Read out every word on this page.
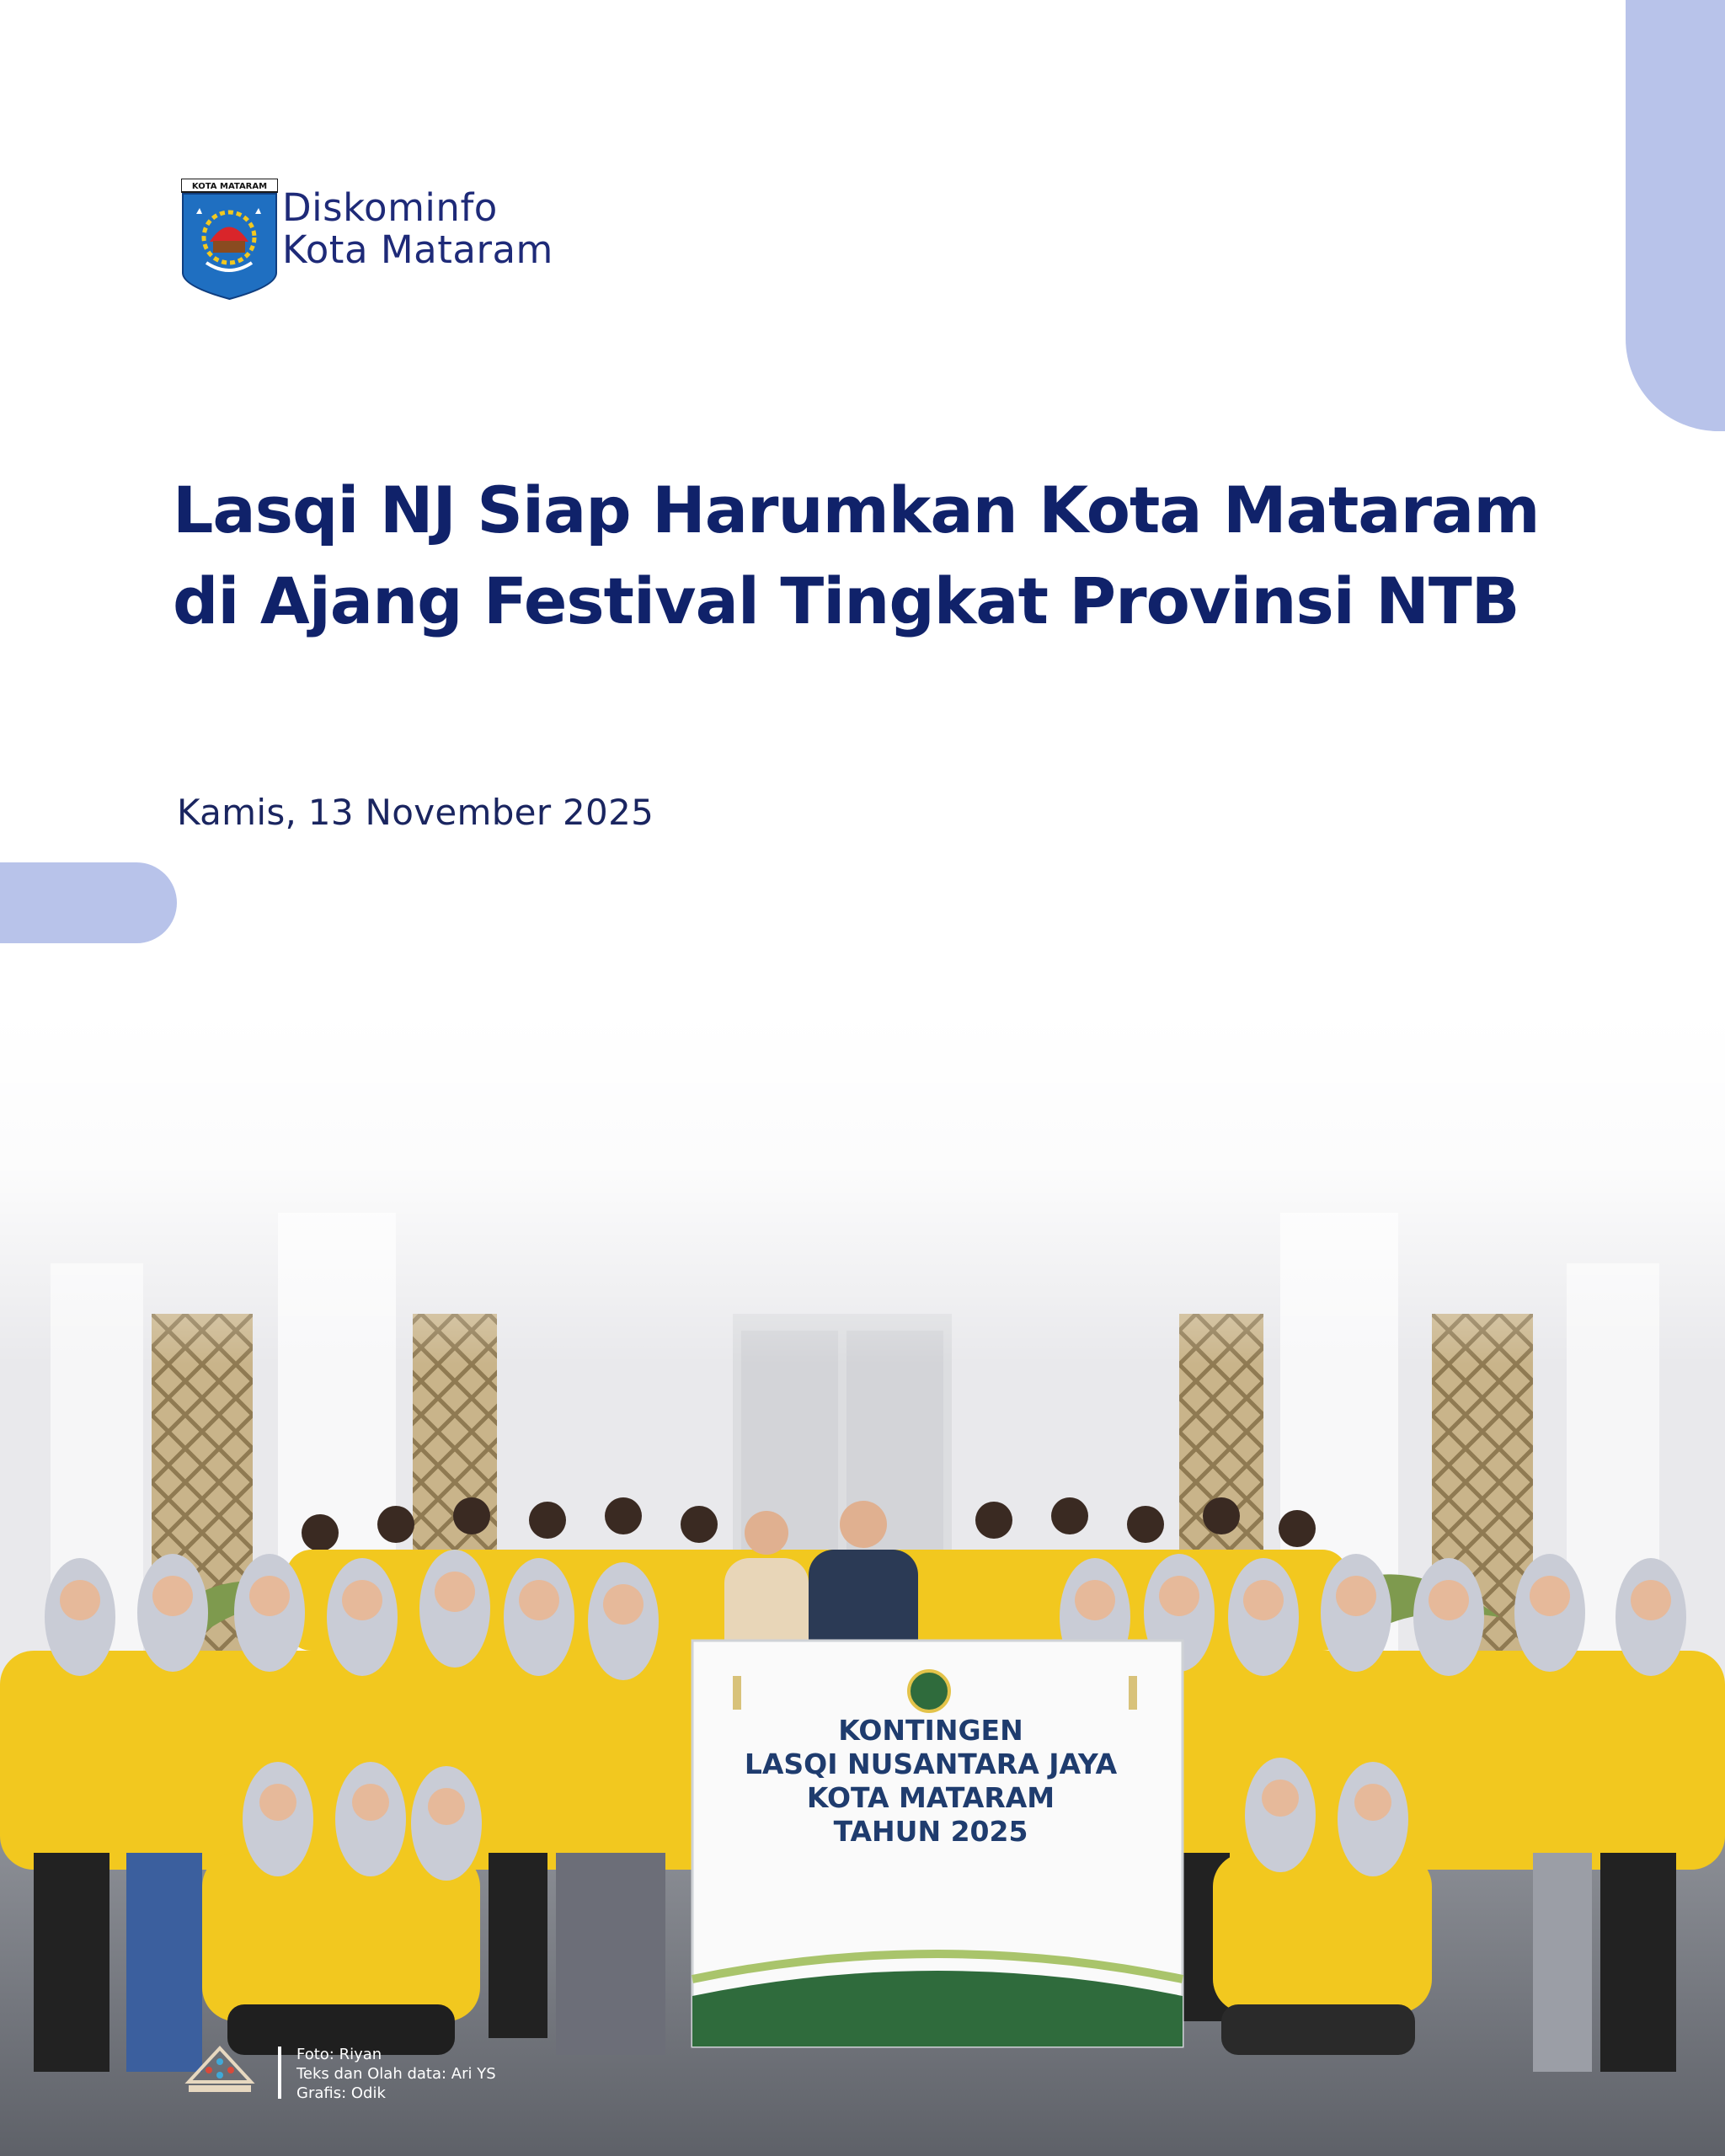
KOTA MATARAM Diskominfo
Kota Mataram
Lasqi NJ Siap Harumkan Kota Mataram
di Ajang Festival Tingkat Provinsi NTB
Kamis, 13 November 2025
KONTINGEN
LASQI NUSANTARA JAYA
KOTA MATARAM
TAHUN 2025
Foto: Riyan
Teks dan Olah data: Ari YS
Grafis: Odik
